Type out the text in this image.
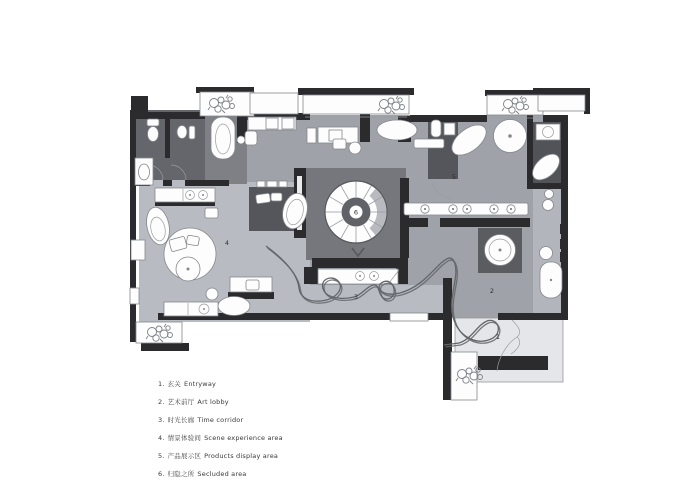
1
2
3
4
5
6
7
1. 玄关 Entryway
2. 艺术前厅 Art lobby
3. 时光长廊 Time corridor
4. 情景体验间 Scene experience area
5. 产品展示区 Products display area
6. 归隐之所 Secluded area
